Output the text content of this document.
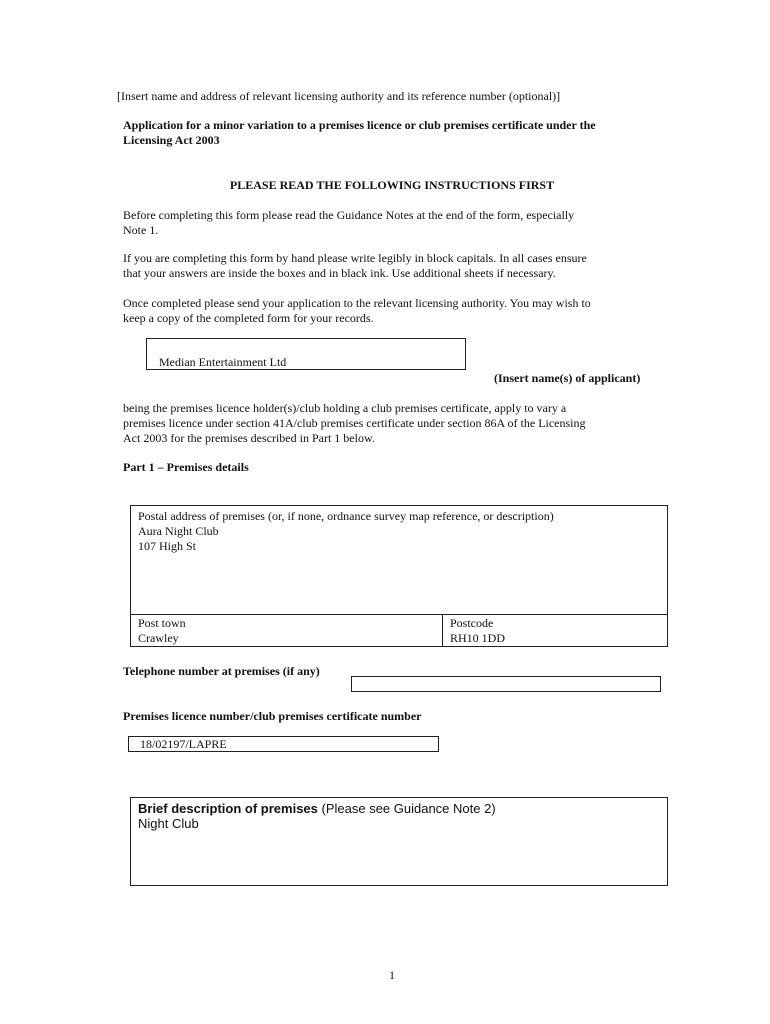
[Insert name and address of relevant licensing authority and its reference number (optional)]
Application for a minor variation to a premises licence or club premises certificate under the
Licensing Act 2003
PLEASE READ THE FOLLOWING INSTRUCTIONS FIRST
Before completing this form please read the Guidance Notes at the end of the form, especially
Note 1.
If you are completing this form by hand please write legibly in block capitals. In all cases ensure
that your answers are inside the boxes and in black ink. Use additional sheets if necessary.
Once completed please send your application to the relevant licensing authority. You may wish to
keep a copy of the completed form for your records.
Median Entertainment Ltd
(Insert name(s) of applicant)
being the premises licence holder(s)/club holding a club premises certificate, apply to vary a
premises licence under section 41A/club premises certificate under section 86A of the Licensing
Act 2003 for the premises described in Part 1 below.
Part 1 – Premises details
Postal address of premises (or, if none, ordnance survey map reference, or description)
Aura Night Club
107 High St
Post town
Crawley
Postcode
RH10 1DD
Telephone number at premises (if any)
Premises licence number/club premises certificate number
18/02197/LAPRE
Brief description of premises (Please see Guidance Note 2)
Night Club
1
